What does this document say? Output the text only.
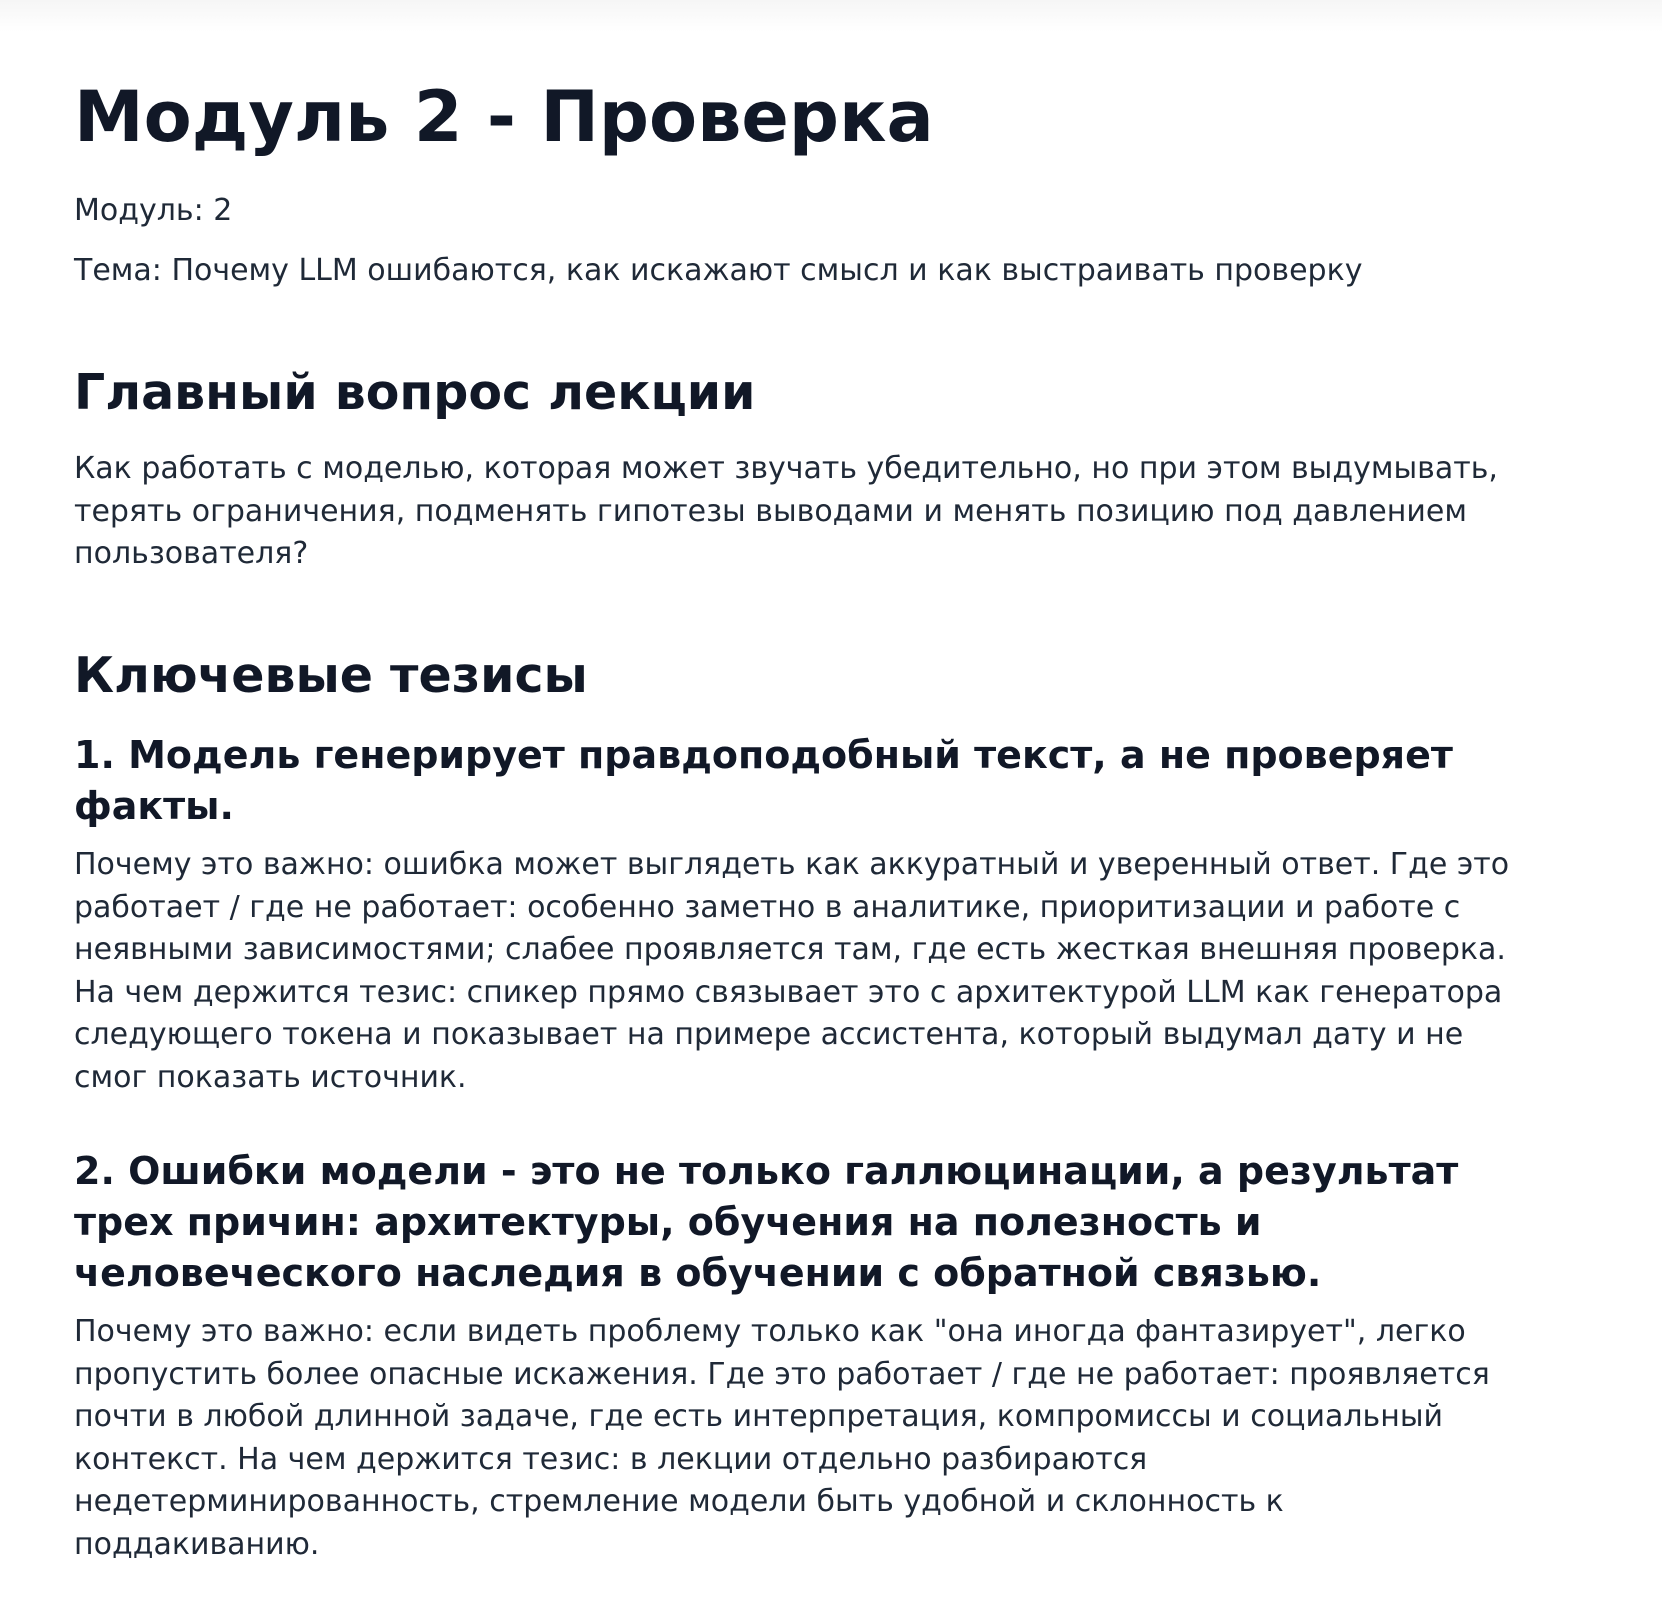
Модуль 2 - Проверка

Модуль: 2

Тема: Почему LLM ошибаются, как искажают смысл и как выстраивать проверку

Главный вопрос лекции

Как работать с моделью, которая может звучать убедительно, но при этом выдумывать, терять ограничения, подменять гипотезы выводами и менять позицию под давлением пользователя?

Ключевые тезисы
1. Модель генерирует правдоподобный текст, а не проверяет факты.

Почему это важно: ошибка может выглядеть как аккуратный и уверенный ответ. Где это работает / где не работает: особенно заметно в аналитике, приоритизации и работе с неявными зависимостями; слабее проявляется там, где есть жесткая внешняя проверка. На чем держится тезис: спикер прямо связывает это с архитектурой LLM как генератора следующего токена и показывает на примере ассистента, который выдумал дату и не смог показать источник.

2. Ошибки модели - это не только галлюцинации, а результат трех причин: архитектуры, обучения на полезность и человеческого наследия в обучении с обратной связью.

Почему это важно: если видеть проблему только как "она иногда фантазирует", легко пропустить более опасные искажения. Где это работает / где не работает: проявляется почти в любой длинной задаче, где есть интерпретация, компромиссы и социальный контекст. На чем держится тезис: в лекции отдельно разбираются недетерминированность, стремление модели быть удобной и склонность к поддакиванию.
